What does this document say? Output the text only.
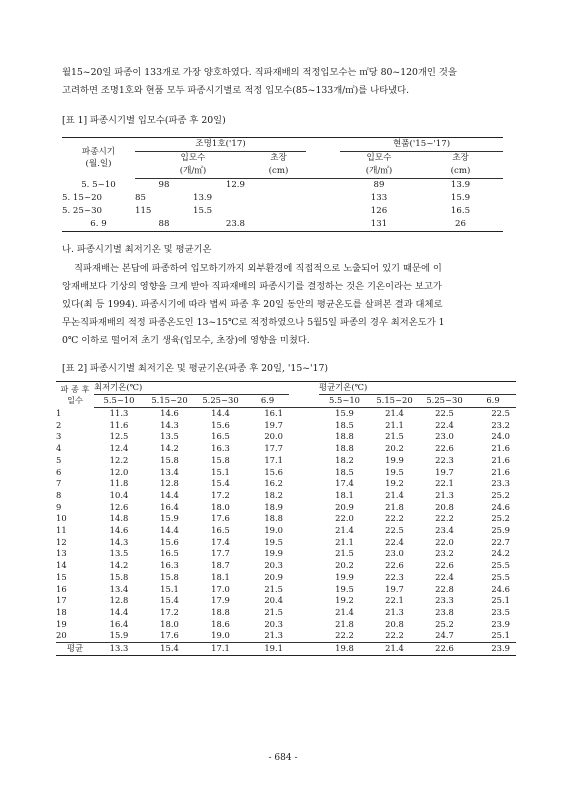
월15~20일 파종이 133개로 가장 양호하였다. 직파재배의 적정입모수는 ㎡당 80~120개인 것을

고려하면 조명1호와 현품 모두 파종시기별로 적정 입모수(85~133개/㎡)를 나타냈다.

[표 1] 파종시기별 입모수(파종 후 20일)
파종시기
(월.일)	조명1호('17)				현품('15~'17)	
	입모수		초장		입모수	초장
	(개/㎡)		(cm)		(개/㎡)	(cm)
5. 5~10	98	12.9			89	13.9
5. 15~20	85	13.9			133	15.9
5. 25~30	115	15.5			126	16.5
6. 9	88	23.8			131	26

나. 파종시기별 최저기온 및 평균기온

직파재배는 본답에 파종하여 입모하기까지 외부환경에 직접적으로 노출되어 있기 때문에 이

앙재배보다 기상의 영향을 크게 받아 직파재배의 파종시기를 결정하는 것은 기온이라는 보고가

있다(최 등 1994). 파종시기에 따라 볍씨 파종 후 20일 동안의 평균온도를 살펴본 결과 대체로

무논직파재배의 적정 파종온도인 13~15℃로 적정하였으나 5월5일 파종의 경우 최저온도가 1

0℃ 이하로 떨어져 초기 생육(입모수, 초장)에 영향을 미쳤다.

[표 2] 파종시기별 최저기온 및 평균기온(파종 후 20일, '15~'17)
파 종 후
일수	최저기온(℃)					평균기온(℃)			
	5.5~10	5.15~20	5.25~30	6.9		5.5~10	5.15~20	5.25~30	6.9
1	11.3	14.6	14.4	16.1		15.9	21.4	22.5	22.5
2	11.6	14.3	15.6	19.7		18.5	21.1	22.4	23.2
3	12.5	13.5	16.5	20.0		18.8	21.5	23.0	24.0
4	12.4	14.2	16.3	17.7		18.8	20.2	22.6	21.6
5	12.2	15.8	15.8	17.1		18.2	19.9	22.3	21.6
6	12.0	13.4	15.1	15.6		18.5	19.5	19.7	21.6
7	11.8	12.8	15.4	16.2		17.4	19.2	22.1	23.3
8	10.4	14.4	17.2	18.2		18.1	21.4	21.3	25.2
9	12.6	16.4	18.0	18.9		20.9	21.8	20.8	24.6
10	14.8	15.9	17.6	18.8		22.0	22.2	22.2	25.2
11	14.6	14.4	16.5	19.0		21.4	22.5	23.4	25.9
12	14.3	15.6	17.4	19.5		21.1	22.4	22.0	22.7
13	13.5	16.5	17.7	19.9		21.5	23.0	23.2	24.2
14	14.2	16.3	18.7	20.3		20.2	22.6	22.6	25.5
15	15.8	15.8	18.1	20.9		19.9	22.3	22.4	25.5
16	13.4	15.1	17.0	21.5		19.5	19.7	22.8	24.6
17	12.8	15.4	17.9	20.4		19.2	22.1	23.3	25.1
18	14.4	17.2	18.8	21.5		21.4	21.3	23.8	23.5
19	16.4	18.0	18.6	20.3		21.8	20.8	25.2	23.9
20	15.9	17.6	19.0	21.3		22.2	22.2	24.7	25.1
평균	13.3	15.4	17.1	19.1		19.8	21.4	22.6	23.9
- 684 -
